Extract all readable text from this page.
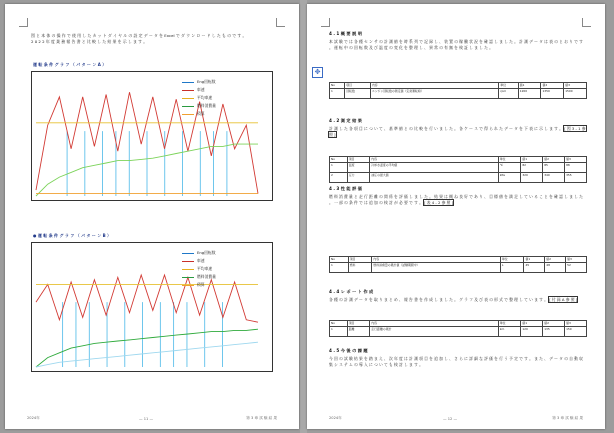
図 と 本 体 の 操 作 で 使 用 し た カ ッ ト ダ イ ヤ ル の 設 定 デ ー タ を Excel で ダ ウ ン ロ ー ド し た も の で す 。
2 0 2 2 年 度 業 務 報 告 書 と 比 較 し た 結 果 を 示 し ま す 。
運 転 条 件 グ ラ フ （ パ タ ー ン A ）
Eng回転数
車速
平均車速
燃料消費量
積算
● 運 転 条 件 グ ラ フ （ パ タ ー ン B ）
Eng回転数
車速
平均車速
燃料消費量
積算
2024年	— 11 —	第 3 章 試 験 結 果
4 . 1 概 要 説 明
本 試 験 で は 各 種 セ ン サ の 計 測 値 を 時 系 列 で 記 録 し 、 装 置 の 稼 働 状 況 を 確 認 し ま し た 。 計 測 デ ー タ は 表 の と お り で す 。 運 転 中 の 回 転 数 及 び 温 度 の 変 化 を 整 理 し 、 異 常 の 有 無 を 検 証 し ま し た 。
No	項目	内容	単位	値1	値2	値3
1	回転数	エンジン回転数の測定値（定常運転時）	rpm	1200	1350	1500
4 . 2 測 定 結 果
計 測 し た 各 項 目 に つ い て 、 基 準 値 と の 比 較 を 行 い ま し た 。 各 ケ ー ス で 得 ら れ た デ ー タ を 下 表 に 示 し ま す 。 [ 図 3 - 1 参 照 ]
No	項目	内容	単位	値1	値2	値3
1	温度	冷却水温度の平均値	℃	82	85	88
2	圧力	油圧の最大値	kPa	320	340	355
4 . 3 性 能 評 価
燃 料 消 費 量 と 走 行 距 離 の 関 係 を 評 価 し ま し た 。 結 果 は 概 ね 良 好 で あ り 、 目 標 値 を 満 足 し て い る こ と を 確 認 し ま し た 。 一 部 の 条 件 で は 追 加 の 検 討 が 必 要 で す 。 [ 表 4 - 2 参 照 ]
No	項目	内容	単位	値1	値2	値3
1	燃料	燃料消費量の累計値（試験期間中）	L	45	48	52
4 . 4 レ ポ ー ト 作 成
各 種 の 計 測 デ ー タ を 取 り ま と め 、 報 告 書 を 作 成 し ま し た 。 グ ラ フ 及 び 表 の 形 式 で 整 理 し て い ま す 。 [ 付 録 A 参 照 ]
No	項目	内容	単位	値1	値2	値3
1	距離	走行距離の累計	km	120	135	150
4 . 5 今 後 の 課 題
今 回 の 試 験 結 果 を 踏 ま え 、 次 年 度 は 計 測 項 目 を 追 加 し 、 さ ら に 詳 細 な 評 価 を 行 う 予 定 で す 。 ま た 、 デ ー タ の 自 動 収 集 シ ス テ ム の 導 入 に つ い て も 検 討 し ま す 。
2024年	— 12 —	第 3 章 試 験 結 果
✥
